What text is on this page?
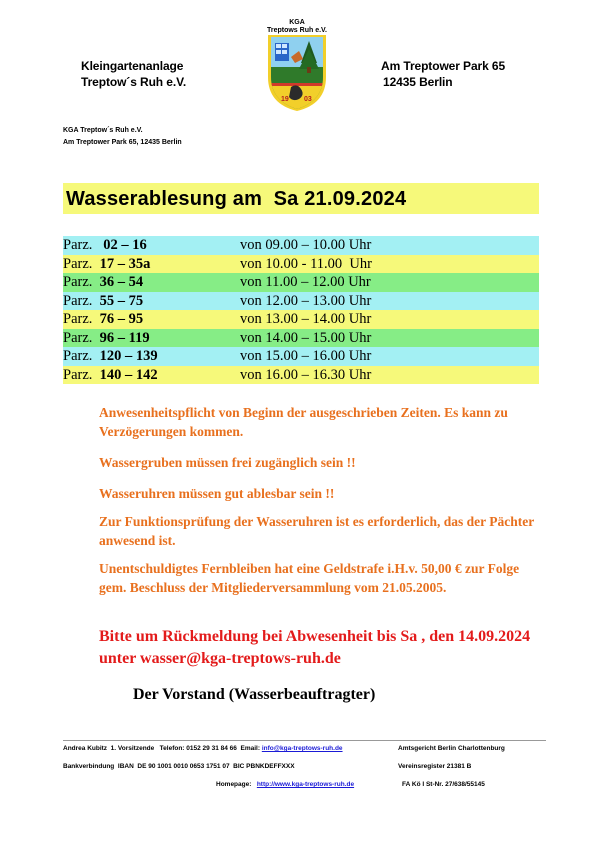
Kleingartenanlage
Treptow´s Ruh e.V.
Am Treptower Park 65
12435 Berlin
KGA
Treptows Ruh e.V.
19 03
KGA Treptow´s Ruh e.V.
Am Treptower Park 65, 12435 Berlin
Wasserablesung am  Sa 21.09.2024
Parz.   02 – 16	von 09.00 – 10.00 Uhr
Parz.  17 – 35a	von 10.00 - 11.00  Uhr
Parz.  36 – 54	von 11.00 – 12.00 Uhr
Parz.  55 – 75	von 12.00 – 13.00 Uhr
Parz.  76 – 95	von 13.00 – 14.00 Uhr
Parz.  96 – 119	von 14.00 – 15.00 Uhr
Parz.  120 – 139	von 15.00 – 16.00 Uhr
Parz.  140 – 142	von 16.00 – 16.30 Uhr

Anwesenheitspflicht von Beginn der ausgeschrieben Zeiten. Es kann zu Verzögerungen kommen.

Wassergruben müssen frei zugänglich sein !!

Wasseruhren müssen gut ablesbar sein !!

Zur Funktionsprüfung der Wasseruhren ist es erforderlich, das der Pächter anwesend ist.

Unentschuldigtes Fernbleiben hat eine Geldstrafe i.H.v. 50,00 € zur Folge gem. Beschluss der Mitgliederversammlung vom 21.05.2005.

Bitte um Rückmeldung bei Abwesenheit bis Sa , den 14.09.2024 unter wasser@kga-treptows-ruh.de
Der Vorstand (Wasserbeauftragter)
Andrea Kubitz  1. Vorsitzende   Telefon: 0152 29 31 84 66  Email: info@kga-treptows-ruh.de	Amtsgericht Berlin Charlottenburg
Bankverbindung  IBAN  DE 90 1001 0010 0653 1751 07  BIC PBNKDEFFXXX	Vereinsregister 21381 B
Homepage: http://www.kga-treptows-ruh.de	FA Kö I St-Nr. 27/638/55145
